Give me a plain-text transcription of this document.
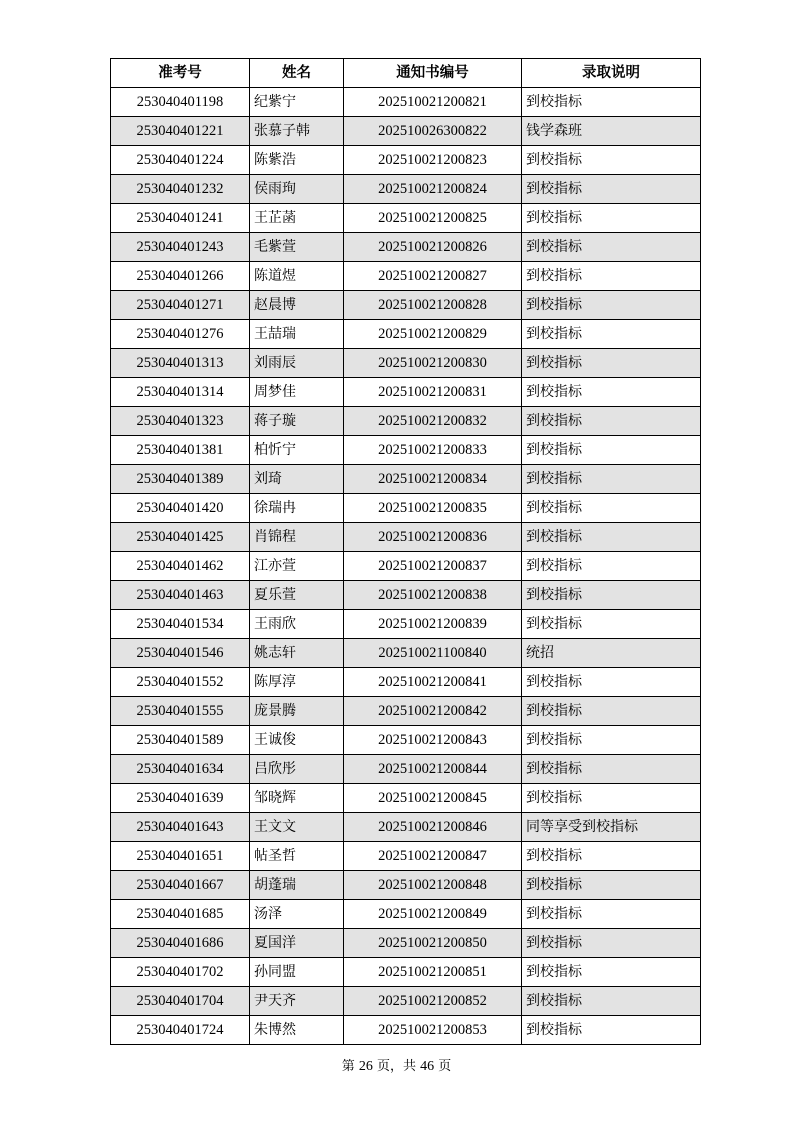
准考号	姓名	通知书编号	录取说明
253040401198	纪紫宁	202510021200821	到校指标
253040401221	张慕子韩	202510026300822	钱学森班
253040401224	陈紫浩	202510021200823	到校指标
253040401232	侯雨珣	202510021200824	到校指标
253040401241	王芷菡	202510021200825	到校指标
253040401243	毛紫萱	202510021200826	到校指标
253040401266	陈道煜	202510021200827	到校指标
253040401271	赵晨博	202510021200828	到校指标
253040401276	王喆瑞	202510021200829	到校指标
253040401313	刘雨辰	202510021200830	到校指标
253040401314	周梦佳	202510021200831	到校指标
253040401323	蒋子璇	202510021200832	到校指标
253040401381	柏忻宁	202510021200833	到校指标
253040401389	刘琦	202510021200834	到校指标
253040401420	徐瑞冉	202510021200835	到校指标
253040401425	肖锦程	202510021200836	到校指标
253040401462	江亦萱	202510021200837	到校指标
253040401463	夏乐萱	202510021200838	到校指标
253040401534	王雨欣	202510021200839	到校指标
253040401546	姚志轩	202510021100840	统招
253040401552	陈厚淳	202510021200841	到校指标
253040401555	庞景腾	202510021200842	到校指标
253040401589	王诚俊	202510021200843	到校指标
253040401634	吕欣彤	202510021200844	到校指标
253040401639	邹晓辉	202510021200845	到校指标
253040401643	王文文	202510021200846	同等享受到校指标
253040401651	帖圣哲	202510021200847	到校指标
253040401667	胡蓬瑞	202510021200848	到校指标
253040401685	汤泽	202510021200849	到校指标
253040401686	夏国洋	202510021200850	到校指标
253040401702	孙同盟	202510021200851	到校指标
253040401704	尹天齐	202510021200852	到校指标
253040401724	朱博然	202510021200853	到校指标
第 26 页，共 46 页
